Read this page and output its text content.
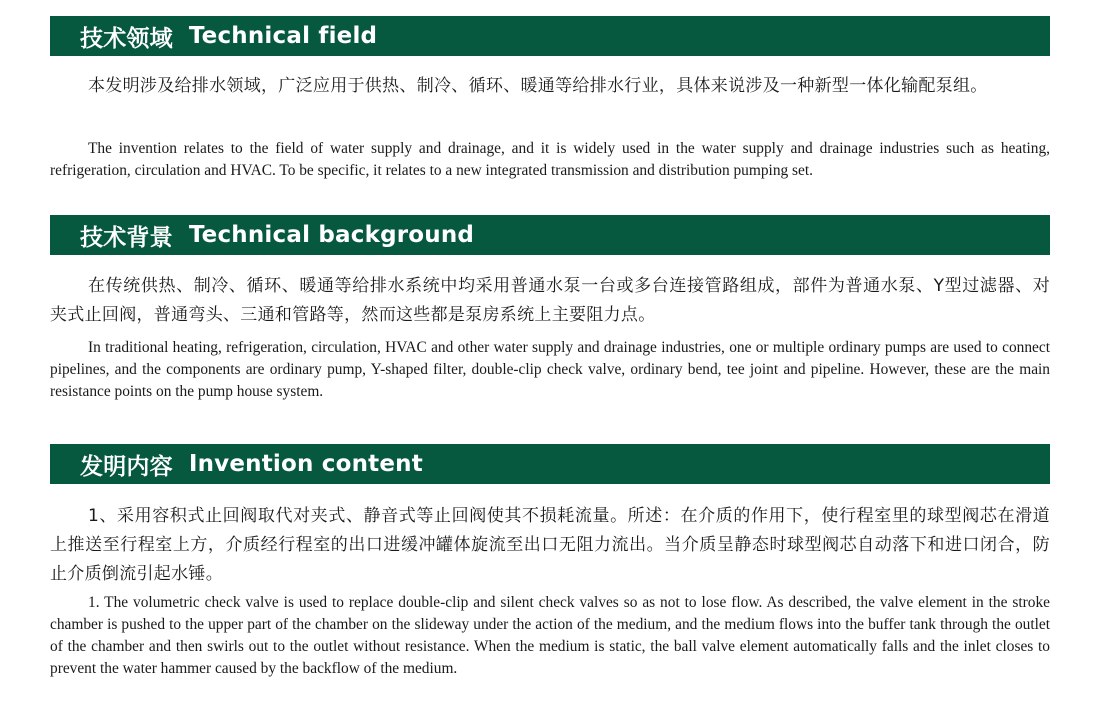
技术领域 Technical field

本发明涉及给排水领域，广泛应用于供热、制冷、循环、暖通等给排水行业，具体来说涉及一种新型一体化输配泵组。

The invention relates to the field of water supply and drainage, and it is widely used in the water supply and drainage industries such as heating, refrigeration, circulation and HVAC. To be specific, it relates to a new integrated transmission and distribution pumping set.

技术背景 Technical background

在传统供热、制冷、循环、暖通等给排水系统中均采用普通水泵一台或多台连接管路组成，部件为普通水泵、Y型过滤器、对夹式止回阀，普通弯头、三通和管路等，然而这些都是泵房系统上主要阻力点。

In traditional heating, refrigeration, circulation, HVAC and other water supply and drainage industries, one or multiple ordinary pumps are used to connect pipelines, and the components are ordinary pump, Y-shaped filter, double-clip check valve, ordinary bend, tee joint and pipeline. However, these are the main resistance points on the pump house system.

发明内容 Invention content

1、采用容积式止回阀取代对夹式、静音式等止回阀使其不损耗流量。所述：在介质的作用下，使行程室里的球型阀芯在滑道上推送至行程室上方，介质经行程室的出口进缓冲罐体旋流至出口无阻力流出。当介质呈静态时球型阀芯自动落下和进口闭合，防止介质倒流引起水锤。

1. The volumetric check valve is used to replace double-clip and silent check valves so as not to lose flow. As described, the valve element in the stroke chamber is pushed to the upper part of the chamber on the slideway under the action of the medium, and the medium flows into the buffer tank through the outlet of the chamber and then swirls out to the outlet without resistance. When the medium is static, the ball valve element automatically falls and the inlet closes to prevent the water hammer caused by the backflow of the medium.
